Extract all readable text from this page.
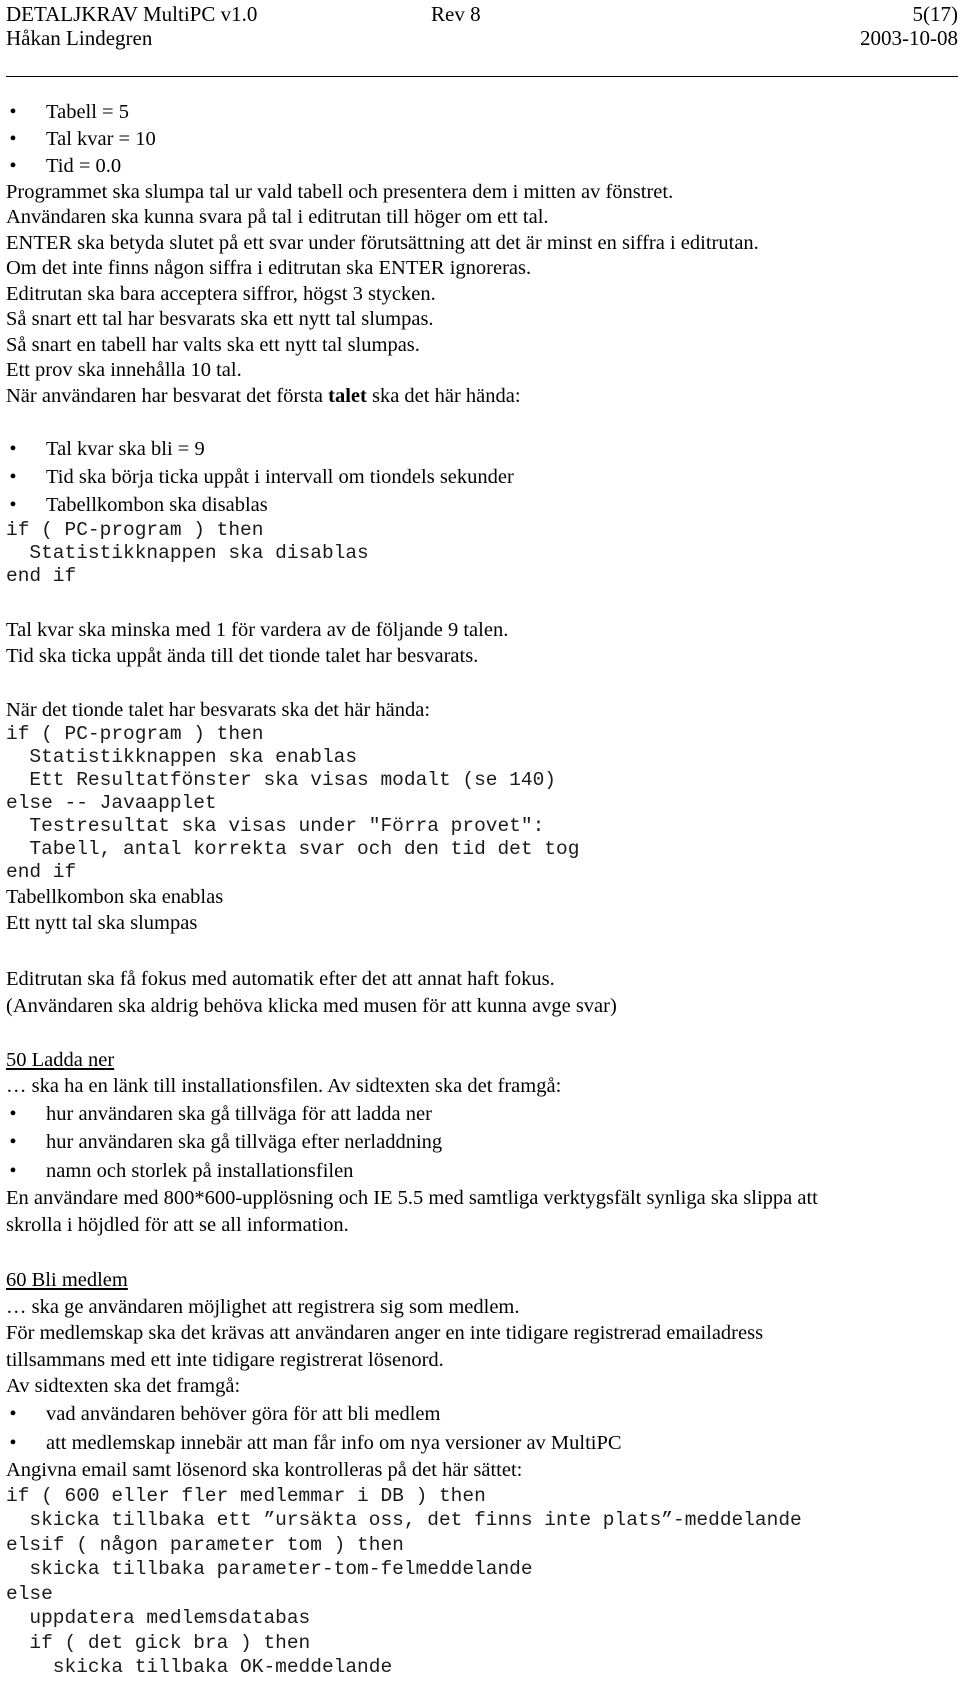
DETALJKRAV MultiPC v1.0	Rev 8	5(17)
Håkan Lindegren	2003-10-08
• Tabell = 5
• Tal kvar = 10
• Tid = 0.0
Programmet ska slumpa tal ur vald tabell och presentera dem i mitten av fönstret.
Användaren ska kunna svara på tal i editrutan till höger om ett tal.
ENTER ska betyda slutet på ett svar under förutsättning att det är minst en siffra i editrutan.
Om det inte finns någon siffra i editrutan ska ENTER ignoreras.
Editrutan ska bara acceptera siffror, högst 3 stycken.
Så snart ett tal har besvarats ska ett nytt tal slumpas.
Så snart en tabell har valts ska ett nytt tal slumpas.
Ett prov ska innehålla 10 tal.
När användaren har besvarat det första talet ska det här hända:
• Tal kvar ska bli = 9
• Tid ska börja ticka uppåt i intervall om tiondels sekunder
• Tabellkombon ska disablas
if ( PC-program ) then
Statistikknappen ska disablas
end if
Tal kvar ska minska med 1 för vardera av de följande 9 talen.
Tid ska ticka uppåt ända till det tionde talet har besvarats.
När det tionde talet har besvarats ska det här hända:
if ( PC-program ) then
Statistikknappen ska enablas
Ett Resultatfönster ska visas modalt (se 140)
else -- Javaapplet
Testresultat ska visas under "Förra provet":
Tabell, antal korrekta svar och den tid det tog
end if
Tabellkombon ska enablas
Ett nytt tal ska slumpas
Editrutan ska få fokus med automatik efter det att annat haft fokus.
(Användaren ska aldrig behöva klicka med musen för att kunna avge svar)
50 Ladda ner
… ska ha en länk till installationsfilen. Av sidtexten ska det framgå:
• hur användaren ska gå tillväga för att ladda ner
• hur användaren ska gå tillväga efter nerladdning
• namn och storlek på installationsfilen
En användare med 800*600-upplösning och IE 5.5 med samtliga verktygsfält synliga ska slippa att
skrolla i höjdled för att se all information.
60 Bli medlem
… ska ge användaren möjlighet att registrera sig som medlem.
För medlemskap ska det krävas att användaren anger en inte tidigare registrerad emailadress
tillsammans med ett inte tidigare registrerat lösenord.
Av sidtexten ska det framgå:
• vad användaren behöver göra för att bli medlem
• att medlemskap innebär att man får info om nya versioner av MultiPC
Angivna email samt lösenord ska kontrolleras på det här sättet:
if ( 600 eller fler medlemmar i DB ) then
skicka tillbaka ett ”ursäkta oss, det finns inte plats”-meddelande
elsif ( någon parameter tom ) then
skicka tillbaka parameter-tom-felmeddelande
else
uppdatera medlemsdatabas
if ( det gick bra ) then
skicka tillbaka OK-meddelande
